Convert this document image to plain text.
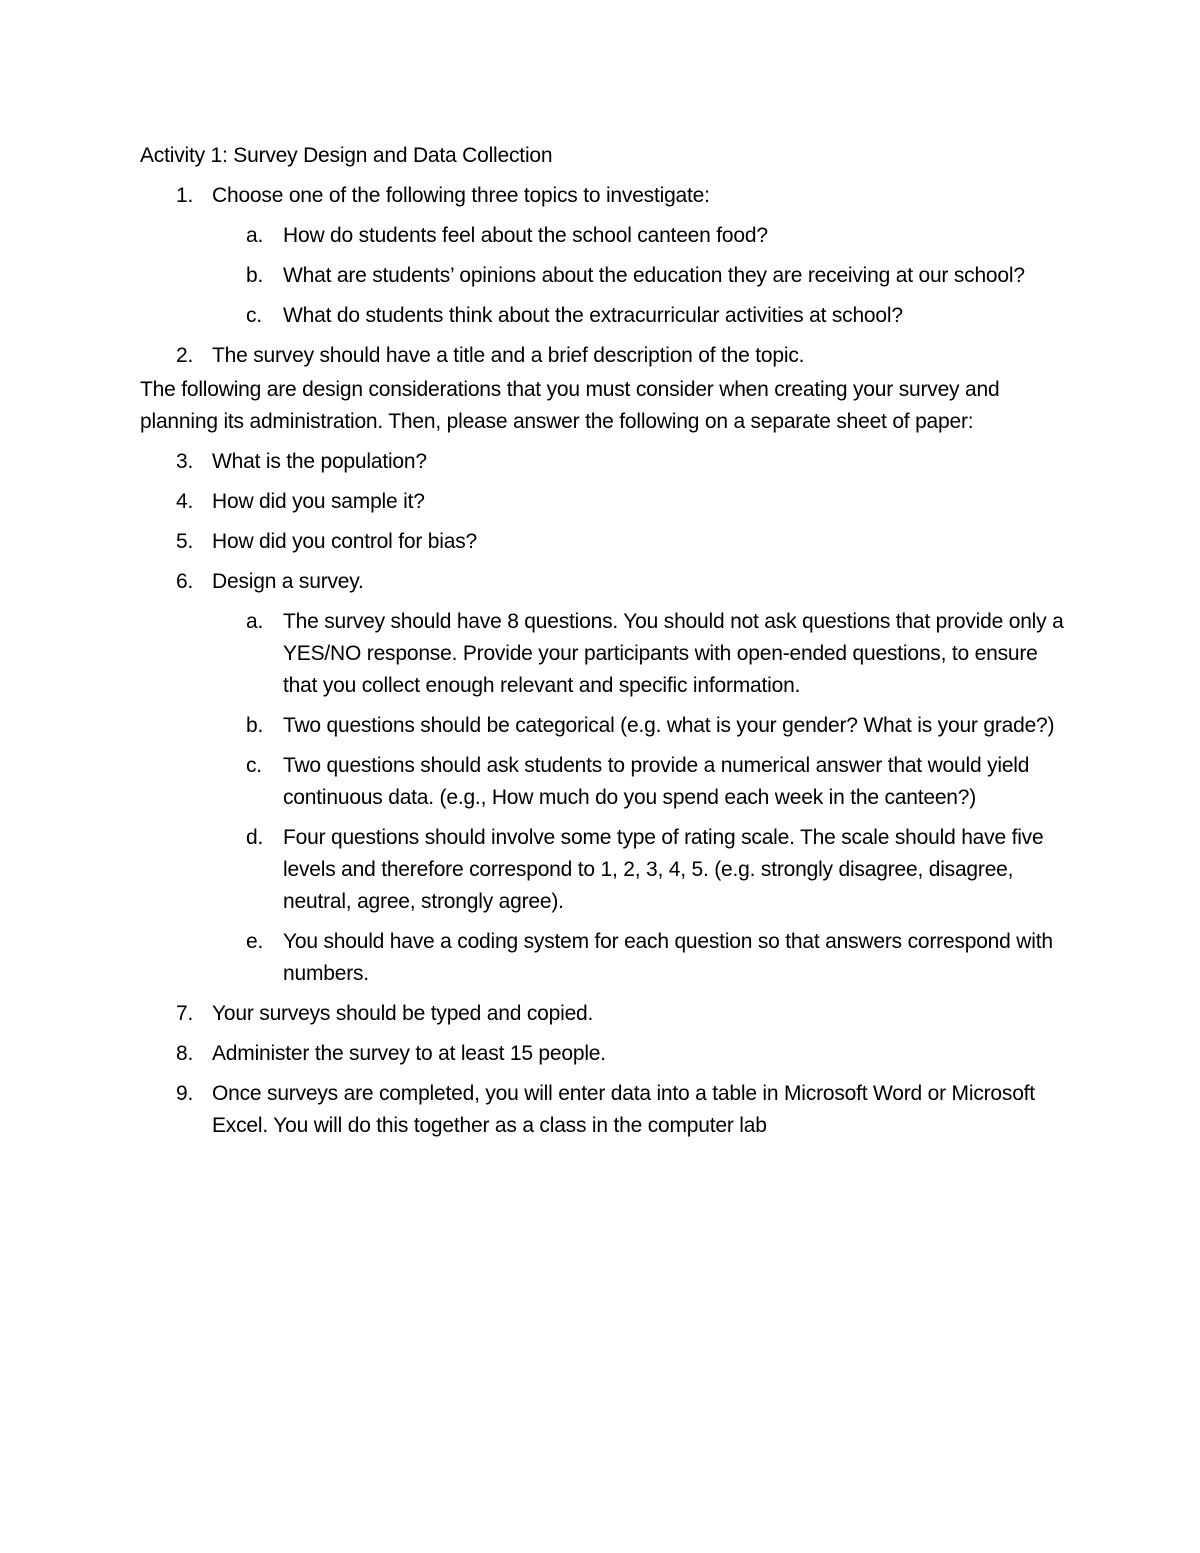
Activity 1: Survey Design and Data Collection
1. Choose one of the following three topics to investigate:
a. How do students feel about the school canteen food?
b. What are students’ opinions about the education they are receiving at our school?
c. What do students think about the extracurricular activities at school?
2. The survey should have a title and a brief description of the topic.
The following are design considerations that you must consider when creating your survey and planning its administration. Then, please answer the following on a separate sheet of paper:
3. What is the population?
4. How did you sample it?
5. How did you control for bias?
6. Design a survey.
a. The survey should have 8 questions. You should not ask questions that provide only a YES/NO response. Provide your participants with open-ended questions, to ensure that you collect enough relevant and specific information.
b. Two questions should be categorical (e.g. what is your gender? What is your grade?)
c. Two questions should ask students to provide a numerical answer that would yield continuous data. (e.g., How much do you spend each week in the canteen?)
d. Four questions should involve some type of rating scale. The scale should have five levels and therefore correspond to 1, 2, 3, 4, 5. (e.g. strongly disagree, disagree, neutral, agree, strongly agree).
e. You should have a coding system for each question so that answers correspond with numbers.
7. Your surveys should be typed and copied.
8. Administer the survey to at least 15 people.
9. Once surveys are completed, you will enter data into a table in Microsoft Word or Microsoft Excel. You will do this together as a class in the computer lab
